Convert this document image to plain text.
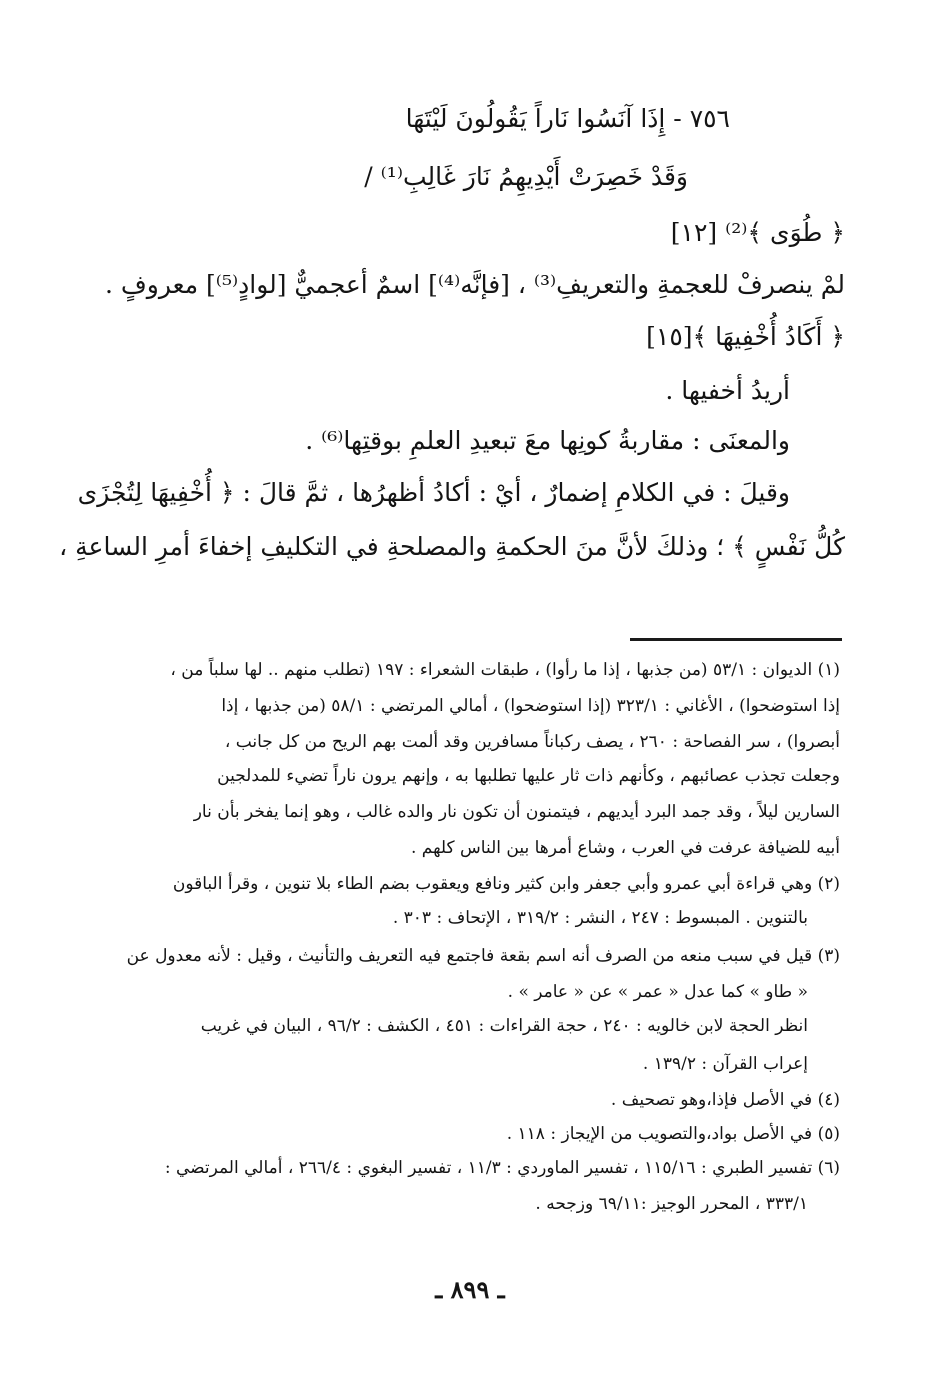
٧٥٦ - إِذَا آنَسُوا نَاراً يَقُولُونَ لَيْتَهَا
وَقَدْ خَصِرَتْ أَيْدِيهِمُ نَارَ غَالِبِ⁽¹⁾ /
﴿ طُوَى ﴾⁽²⁾ [١٢]
لمْ ينصرفْ للعجمةِ والتعريفِ⁽³⁾ ، [فإنَّه⁽⁴⁾] اسمٌ أعجميٌّ [لوادٍ⁽⁵⁾] معروفٍ .
﴿ أَكَادُ أُخْفِيهَا ﴾[١٥]
أريدُ أخفيها .
والمعنَى : مقاربةُ كونِها معَ تبعيدِ العلمِ بوقتِها⁽⁶⁾ .
وقيلَ : في الكلامِ إضمارٌ ، أيْ : أكادُ أظهرُها ، ثمَّ قالَ : ﴿ أُخْفِيهَا لِتُجْزَى
كُلُّ نَفْسٍ ﴾ ؛ وذلكَ لأنَّ منَ الحكمةِ والمصلحةِ في التكليفِ إخفاءَ أمرِ الساعةِ ،
(١) الديوان : ٥٣/١ (من جذبها ، إذا ما رأوا) ، طبقات الشعراء : ١٩٧ (تطلب منهم .. لها سلباً من ،
إذا استوضحوا) ، الأغاني : ٣٢٣/١ (إذا استوضحوا) ، أمالي المرتضي : ٥٨/١ (من جذبها ، إذا
أبصروا) ، سر الفصاحة : ٢٦٠ ، يصف ركباناً مسافرين وقد ألمت بهم الريح من كل جانب ،
وجعلت تجذب عصائبهم ، وكأنهم ذات ثار عليها تطلبها به ، وإنهم يرون ناراً تضيء للمدلجين
السارين ليلاً ، وقد جمد البرد أيديهم ، فيتمنون أن تكون نار والده غالب ، وهو إنما يفخر بأن نار
أبيه للضيافة عرفت في العرب ، وشاع أمرها بين الناس كلهم .
(٢) وهي قراءة أبي عمرو وأبي جعفر وابن كثير ونافع ويعقوب بضم الطاء بلا تنوين ، وقرأ الباقون
بالتنوين . المبسوط : ٢٤٧ ، النشر : ٣١٩/٢ ، الإتحاف : ٣٠٣ .
(٣) قيل في سبب منعه من الصرف أنه اسم بقعة فاجتمع فيه التعريف والتأنيث ، وقيل : لأنه معدول عن
« طاو » كما عدل « عمر » عن « عامر » .
انظر الحجة لابن خالويه : ٢٤٠ ، حجة القراءات : ٤٥١ ، الكشف : ٩٦/٢ ، البيان في غريب
إعراب القرآن : ١٣٩/٢ .
(٤) في الأصل فإذا،وهو تصحيف .
(٥) في الأصل بواد،والتصويب من الإيجاز : ١١٨ .
(٦) تفسير الطبري : ١١٥/١٦ ، تفسير الماوردي : ١١/٣ ، تفسير البغوي : ٢٦٦/٤ ، أمالي المرتضي :
٣٣٣/١ ، المحرر الوجيز :٦٩/١١ وزجحه .
ـ ٨٩٩ ـ
